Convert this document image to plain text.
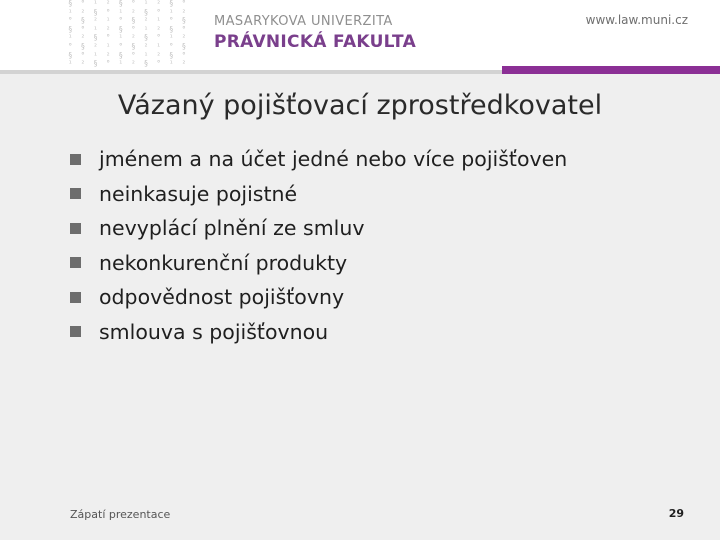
§ ° ¹ ² § ° ¹ ² § °
¹ ² § ° ¹ ² § ° ¹ ²
° § ² ¹ ° § ² ¹ ° §
§ ° ¹ ² § ° ¹ ² § °
¹ ² § ° ¹ ² § ° ¹ ²
° § ² ¹ ° § ² ¹ ° §
§ ° ¹ ² § ° ¹ ² § °
¹ ² § ° ¹ ² § ° ¹ ²
MASARYKOVA UNIVERZITA
PRÁVNICKÁ FAKULTA
www.law.muni.cz
Vázaný pojišťovací zprostředkovatel
jménem a na účet jedné nebo více pojišťoven
neinkasuje pojistné
nevyplácí plnění ze smluv
nekonkurenční produkty
odpovědnost pojišťovny
smlouva s pojišťovnou
Zápatí prezentace	29
